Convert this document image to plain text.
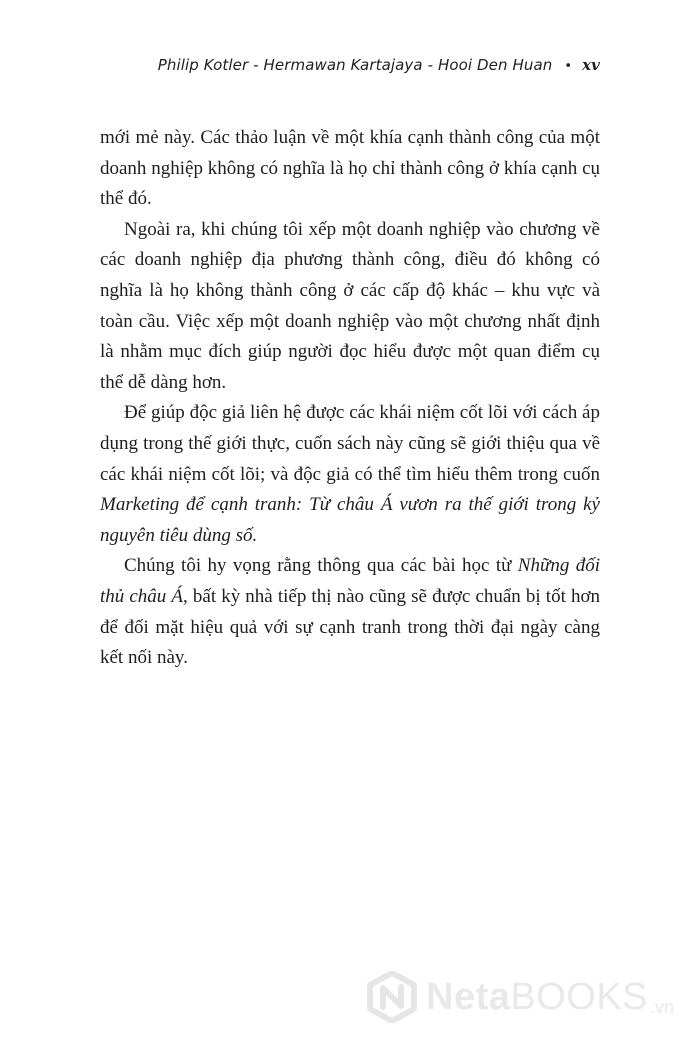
Philip Kotler - Hermawan Kartajaya - Hooi Den Huan • xv

mới mẻ này. Các thảo luận về một khía cạnh thành công của một doanh nghiệp không có nghĩa là họ chỉ thành công ở khía cạnh cụ thể đó.

Ngoài ra, khi chúng tôi xếp một doanh nghiệp vào chương về các doanh nghiệp địa phương thành công, điều đó không có nghĩa là họ không thành công ở các cấp độ khác – khu vực và toàn cầu. Việc xếp một doanh nghiệp vào một chương nhất định là nhằm mục đích giúp người đọc hiểu được một quan điểm cụ thể dễ dàng hơn.

Để giúp độc giả liên hệ được các khái niệm cốt lõi với cách áp dụng trong thế giới thực, cuốn sách này cũng sẽ giới thiệu qua về các khái niệm cốt lõi; và độc giả có thể tìm hiểu thêm trong cuốn Marketing để cạnh tranh: Từ châu Á vươn ra thế giới trong kỷ nguyên tiêu dùng số.

Chúng tôi hy vọng rằng thông qua các bài học từ Những đối thủ châu Á, bất kỳ nhà tiếp thị nào cũng sẽ được chuẩn bị tốt hơn để đối mặt hiệu quả với sự cạnh tranh trong thời đại ngày càng kết nối này.

NetaBOOKS .vn
